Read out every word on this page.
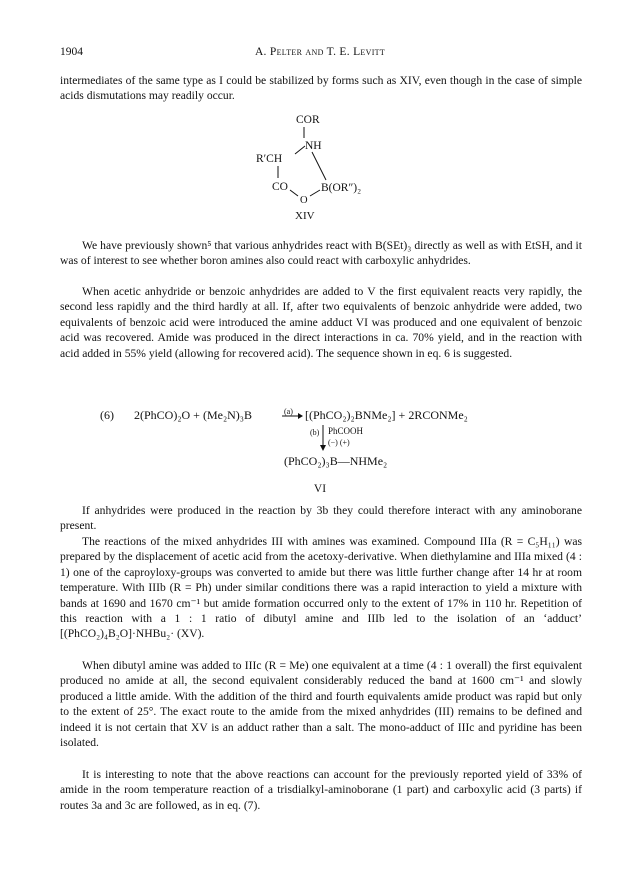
1904	A. Pelter and T. E. Levitt

intermediates of the same type as I could be stabilized by forms such as XIV, even though in the case of simple acids dismutations may readily occur.

COR
NH
R′CH
CO
O
B(OR″)₂
XIV

We have previously shown⁵ that various anhydrides react with B(SEt)₃ directly as well as with EtSH, and it was of interest to see whether boron amines also could react with carboxylic anhydrides.

When acetic anhydride or benzoic anhydrides are added to V the first equivalent reacts very rapidly, the second less rapidly and the third hardly at all. If, after two equivalents of benzoic anhydride were added, two equivalents of benzoic acid were introduced the amine adduct VI was produced and one equivalent of benzoic acid was recovered. Amide was produced in the direct interactions in ca. 70% yield, and in the reaction with acid added in 55% yield (allowing for recovered acid). The sequence shown in eq. 6 is suggested.

(6) 2(PhCO)₂O + (Me₂N)₃B	(a) [(PhCO₂)₂BNMe₂] + 2RCONMe₂
(b) PhCOOH
(−) (+)
(PhCO₂)₃B—NHMe₂
VI

If anhydrides were produced in the reaction by 3b they could therefore interact with any aminoborane present.

The reactions of the mixed anhydrides III with amines was examined. Compound IIIa (R = C₅H₁₁) was prepared by the displacement of acetic acid from the acetoxy-derivative. When diethylamine and IIIa mixed (4 : 1) one of the caproyloxy-groups was converted to amide but there was little further change after 14 hr at room temperature. With IIIb (R = Ph) under similar conditions there was a rapid interaction to yield a mixture with bands at 1690 and 1670 cm⁻¹ but amide formation occurred only to the extent of 17% in 110 hr. Repetition of this reaction with a 1 : 1 ratio of dibutyl amine and IIIb led to the isolation of an ‘adduct’ [(PhCO₂)₄B₂O]·NHBu₂· (XV).

When dibutyl amine was added to IIIc (R = Me) one equivalent at a time (4 : 1 overall) the first equivalent produced no amide at all, the second equivalent considerably reduced the band at 1600 cm⁻¹ and slowly produced a little amide. With the addition of the third and fourth equivalents amide product was rapid but only to the extent of 25°. The exact route to the amide from the mixed anhydrides (III) remains to be defined and indeed it is not certain that XV is an adduct rather than a salt. The mono-adduct of IIIc and pyridine has been isolated.

It is interesting to note that the above reactions can account for the previously reported yield of 33% of amide in the room temperature reaction of a trisdialkyl-aminoborane (1 part) and carboxylic acid (3 parts) if routes 3a and 3c are followed, as in eq. (7).
